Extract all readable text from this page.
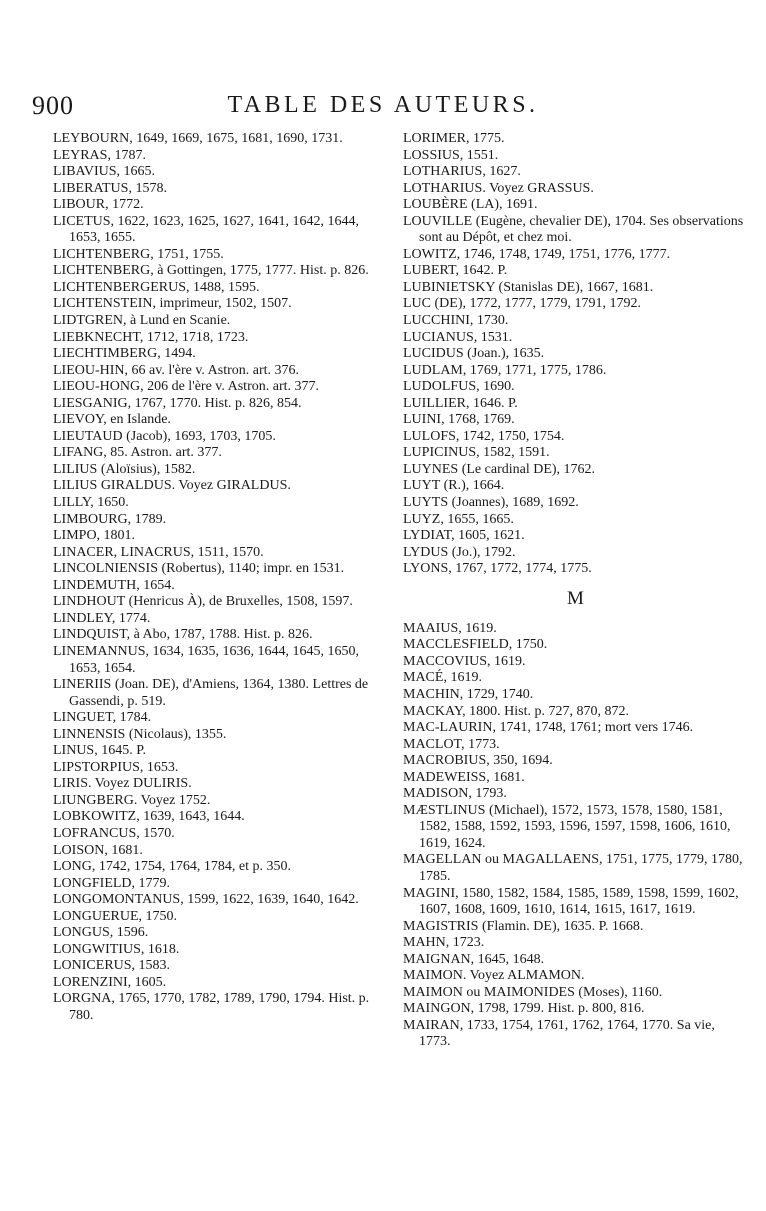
900	TABLE DES AUTEURS.
LEYBOURN, 1649, 1669, 1675, 1681, 1690, 1731.
LEYRAS, 1787.
LIBAVIUS, 1665.
LIBERATUS, 1578.
LIBOUR, 1772.
LICETUS, 1622, 1623, 1625, 1627, 1641, 1642, 1644, 1653, 1655.
LICHTENBERG, 1751, 1755.
LICHTENBERG, à Gottingen, 1775, 1777. Hist. p. 826.
LICHTENBERGERUS, 1488, 1595.
LICHTENSTEIN, imprimeur, 1502, 1507.
LIDTGREN, à Lund en Scanie.
LIEBKNECHT, 1712, 1718, 1723.
LIECHTIMBERG, 1494.
LIEOU-HIN, 66 av. l'ère v. Astron. art. 376.
LIEOU-HONG, 206 de l'ère v. Astron. art. 377.
LIESGANIG, 1767, 1770. Hist. p. 826, 854.
LIEVOY, en Islande.
LIEUTAUD (Jacob), 1693, 1703, 1705.
LIFANG, 85. Astron. art. 377.
LILIUS (Aloïsius), 1582.
LILIUS GIRALDUS. Voyez GIRALDUS.
LILLY, 1650.
LIMBOURG, 1789.
LIMPO, 1801.
LINACER, LINACRUS, 1511, 1570.
LINCOLNIENSIS (Robertus), 1140; impr. en 1531.
LINDEMUTH, 1654.
LINDHOUT (Henricus À), de Bruxelles, 1508, 1597.
LINDLEY, 1774.
LINDQUIST, à Abo, 1787, 1788. Hist. p. 826.
LINEMANNUS, 1634, 1635, 1636, 1644, 1645, 1650, 1653, 1654.
LINERIIS (Joan. DE), d'Amiens, 1364, 1380. Lettres de Gassendi, p. 519.
LINGUET, 1784.
LINNENSIS (Nicolaus), 1355.
LINUS, 1645. P.
LIPSTORPIUS, 1653.
LIRIS. Voyez DULIRIS.
LIUNGBERG. Voyez 1752.
LOBKOWITZ, 1639, 1643, 1644.
LOFRANCUS, 1570.
LOISON, 1681.
LONG, 1742, 1754, 1764, 1784, et p. 350.
LONGFIELD, 1779.
LONGOMONTANUS, 1599, 1622, 1639, 1640, 1642.
LONGUERUE, 1750.
LONGUS, 1596.
LONGWITIUS, 1618.
LONICERUS, 1583.
LORENZINI, 1605.
LORGNA, 1765, 1770, 1782, 1789, 1790, 1794. Hist. p. 780.
LORIMER, 1775.
LOSSIUS, 1551.
LOTHARIUS, 1627.
LOTHARIUS. Voyez GRASSUS.
LOUBÈRE (LA), 1691.
LOUVILLE (Eugène, chevalier DE), 1704. Ses observations sont au Dépôt, et chez moi.
LOWITZ, 1746, 1748, 1749, 1751, 1776, 1777.
LUBERT, 1642. P.
LUBINIETSKY (Stanislas DE), 1667, 1681.
LUC (DE), 1772, 1777, 1779, 1791, 1792.
LUCCHINI, 1730.
LUCIANUS, 1531.
LUCIDUS (Joan.), 1635.
LUDLAM, 1769, 1771, 1775, 1786.
LUDOLFUS, 1690.
LUILLIER, 1646. P.
LUINI, 1768, 1769.
LULOFS, 1742, 1750, 1754.
LUPICINUS, 1582, 1591.
LUYNES (Le cardinal DE), 1762.
LUYT (R.), 1664.
LUYTS (Joannes), 1689, 1692.
LUYZ, 1655, 1665.
LYDIAT, 1605, 1621.
LYDUS (Jo.), 1792.
LYONS, 1767, 1772, 1774, 1775.
M
MAAIUS, 1619.
MACCLESFIELD, 1750.
MACCOVIUS, 1619.
MACÉ, 1619.
MACHIN, 1729, 1740.
MACKAY, 1800. Hist. p. 727, 870, 872.
MAC-LAURIN, 1741, 1748, 1761; mort vers 1746.
MACLOT, 1773.
MACROBIUS, 350, 1694.
MADEWEISS, 1681.
MADISON, 1793.
MÆSTLINUS (Michael), 1572, 1573, 1578, 1580, 1581, 1582, 1588, 1592, 1593, 1596, 1597, 1598, 1606, 1610, 1619, 1624.
MAGELLAN ou MAGALLAENS, 1751, 1775, 1779, 1780, 1785.
MAGINI, 1580, 1582, 1584, 1585, 1589, 1598, 1599, 1602, 1607, 1608, 1609, 1610, 1614, 1615, 1617, 1619.
MAGISTRIS (Flamin. DE), 1635. P. 1668.
MAHN, 1723.
MAIGNAN, 1645, 1648.
MAIMON. Voyez ALMAMON.
MAIMON ou MAIMONIDES (Moses), 1160.
MAINGON, 1798, 1799. Hist. p. 800, 816.
MAIRAN, 1733, 1754, 1761, 1762, 1764, 1770. Sa vie, 1773.
